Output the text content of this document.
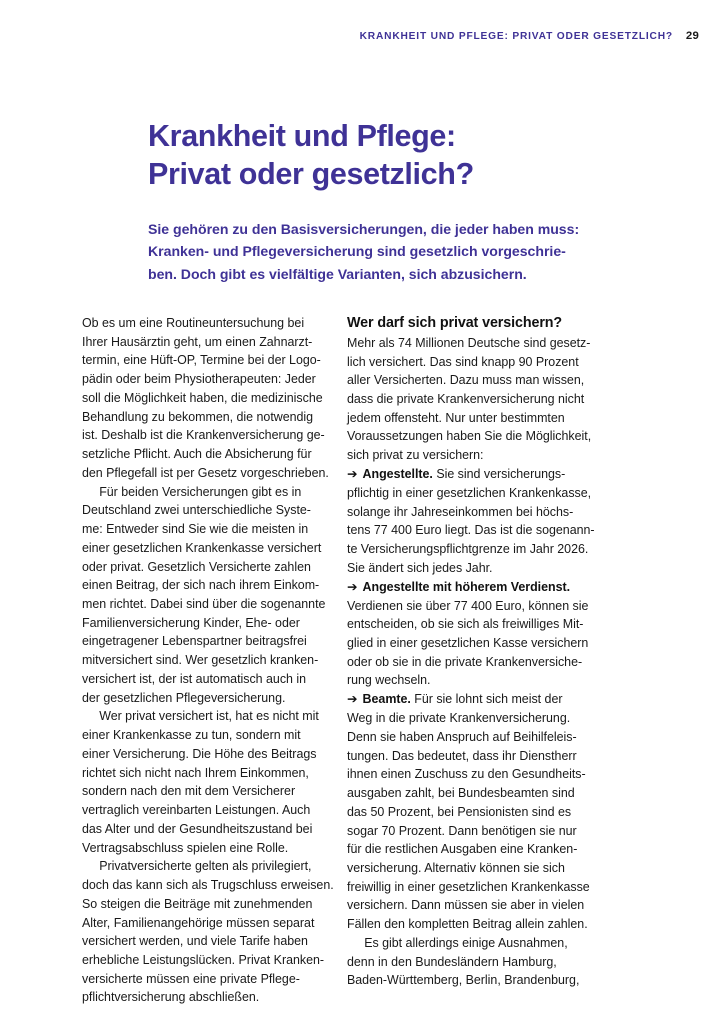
KRANKHEIT UND PFLEGE: PRIVAT ODER GESETZLICH? 29
Krankheit und Pflege:
Privat oder gesetzlich?

Sie gehören zu den Basisversicherungen, die jeder haben muss:
Kranken- und Pflegeversicherung sind gesetzlich vorgeschrie-
ben. Doch gibt es vielfältige Varianten, sich abzusichern.

Ob es um eine Routineuntersuchung bei
Ihrer Hausärztin geht, um einen Zahnarzt-
termin, eine Hüft-OP, Termine bei der Logo-
pädin oder beim Physiotherapeuten: Jeder
soll die Möglichkeit haben, die medizinische
Behandlung zu bekommen, die notwendig
ist. Deshalb ist die Krankenversicherung ge-
setzliche Pflicht. Auch die Absicherung für
den Pflegefall ist per Gesetz vorgeschrieben.

Für beiden Versicherungen gibt es in
Deutschland zwei unterschiedliche Syste-
me: Entweder sind Sie wie die meisten in
einer gesetzlichen Krankenkasse versichert
oder privat. Gesetzlich Versicherte zahlen
einen Beitrag, der sich nach ihrem Einkom-
men richtet. Dabei sind über die sogenannte
Familienversicherung Kinder, Ehe- oder
eingetragener Lebenspartner beitragsfrei
mitversichert sind. Wer gesetzlich kranken-
versichert ist, der ist automatisch auch in
der gesetzlichen Pflegeversicherung.

Wer privat versichert ist, hat es nicht mit
einer Krankenkasse zu tun, sondern mit
einer Versicherung. Die Höhe des Beitrags
richtet sich nicht nach Ihrem Einkommen,
sondern nach den mit dem Versicherer
vertraglich vereinbarten Leistungen. Auch
das Alter und der Gesundheitszustand bei
Vertragsabschluss spielen eine Rolle.

Privatversicherte gelten als privilegiert,
doch das kann sich als Trugschluss erweisen.
So steigen die Beiträge mit zunehmenden
Alter, Familienangehörige müssen separat
versichert werden, und viele Tarife haben
erhebliche Leistungslücken. Privat Kranken-
versicherte müssen eine private Pflege-
pflichtversicherung abschließen.

Wer darf sich privat versichern?

Mehr als 74 Millionen Deutsche sind gesetz-
lich versichert. Das sind knapp 90 Prozent
aller Versicherten. Dazu muss man wissen,
dass die private Krankenversicherung nicht
jedem offensteht. Nur unter bestimmten
Voraussetzungen haben Sie die Möglichkeit,
sich privat zu versichern:

➔ Angestellte. Sie sind versicherungs-
pflichtig in einer gesetzlichen Krankenkasse,
solange ihr Jahreseinkommen bei höchs-
tens 77 400 Euro liegt. Das ist die sogenann-
te Versicherungspflichtgrenze im Jahr 2026.
Sie ändert sich jedes Jahr.

➔ Angestellte mit höherem Verdienst.
Verdienen sie über 77 400 Euro, können sie
entscheiden, ob sie sich als freiwilliges Mit-
glied in einer gesetzlichen Kasse versichern
oder ob sie in die private Krankenversiche-
rung wechseln.

➔ Beamte. Für sie lohnt sich meist der
Weg in die private Krankenversicherung.
Denn sie haben Anspruch auf Beihilfeleis-
tungen. Das bedeutet, dass ihr Dienstherr
ihnen einen Zuschuss zu den Gesundheits-
ausgaben zahlt, bei Bundesbeamten sind
das 50 Prozent, bei Pensionisten sind es
sogar 70 Prozent. Dann benötigen sie nur
für die restlichen Ausgaben eine Kranken-
versicherung. Alternativ können sie sich
freiwillig in einer gesetzlichen Krankenkasse
versichern. Dann müssen sie aber in vielen
Fällen den kompletten Beitrag allein zahlen.

Es gibt allerdings einige Ausnahmen,
denn in den Bundesländern Hamburg,
Baden-Württemberg, Berlin, Brandenburg,
